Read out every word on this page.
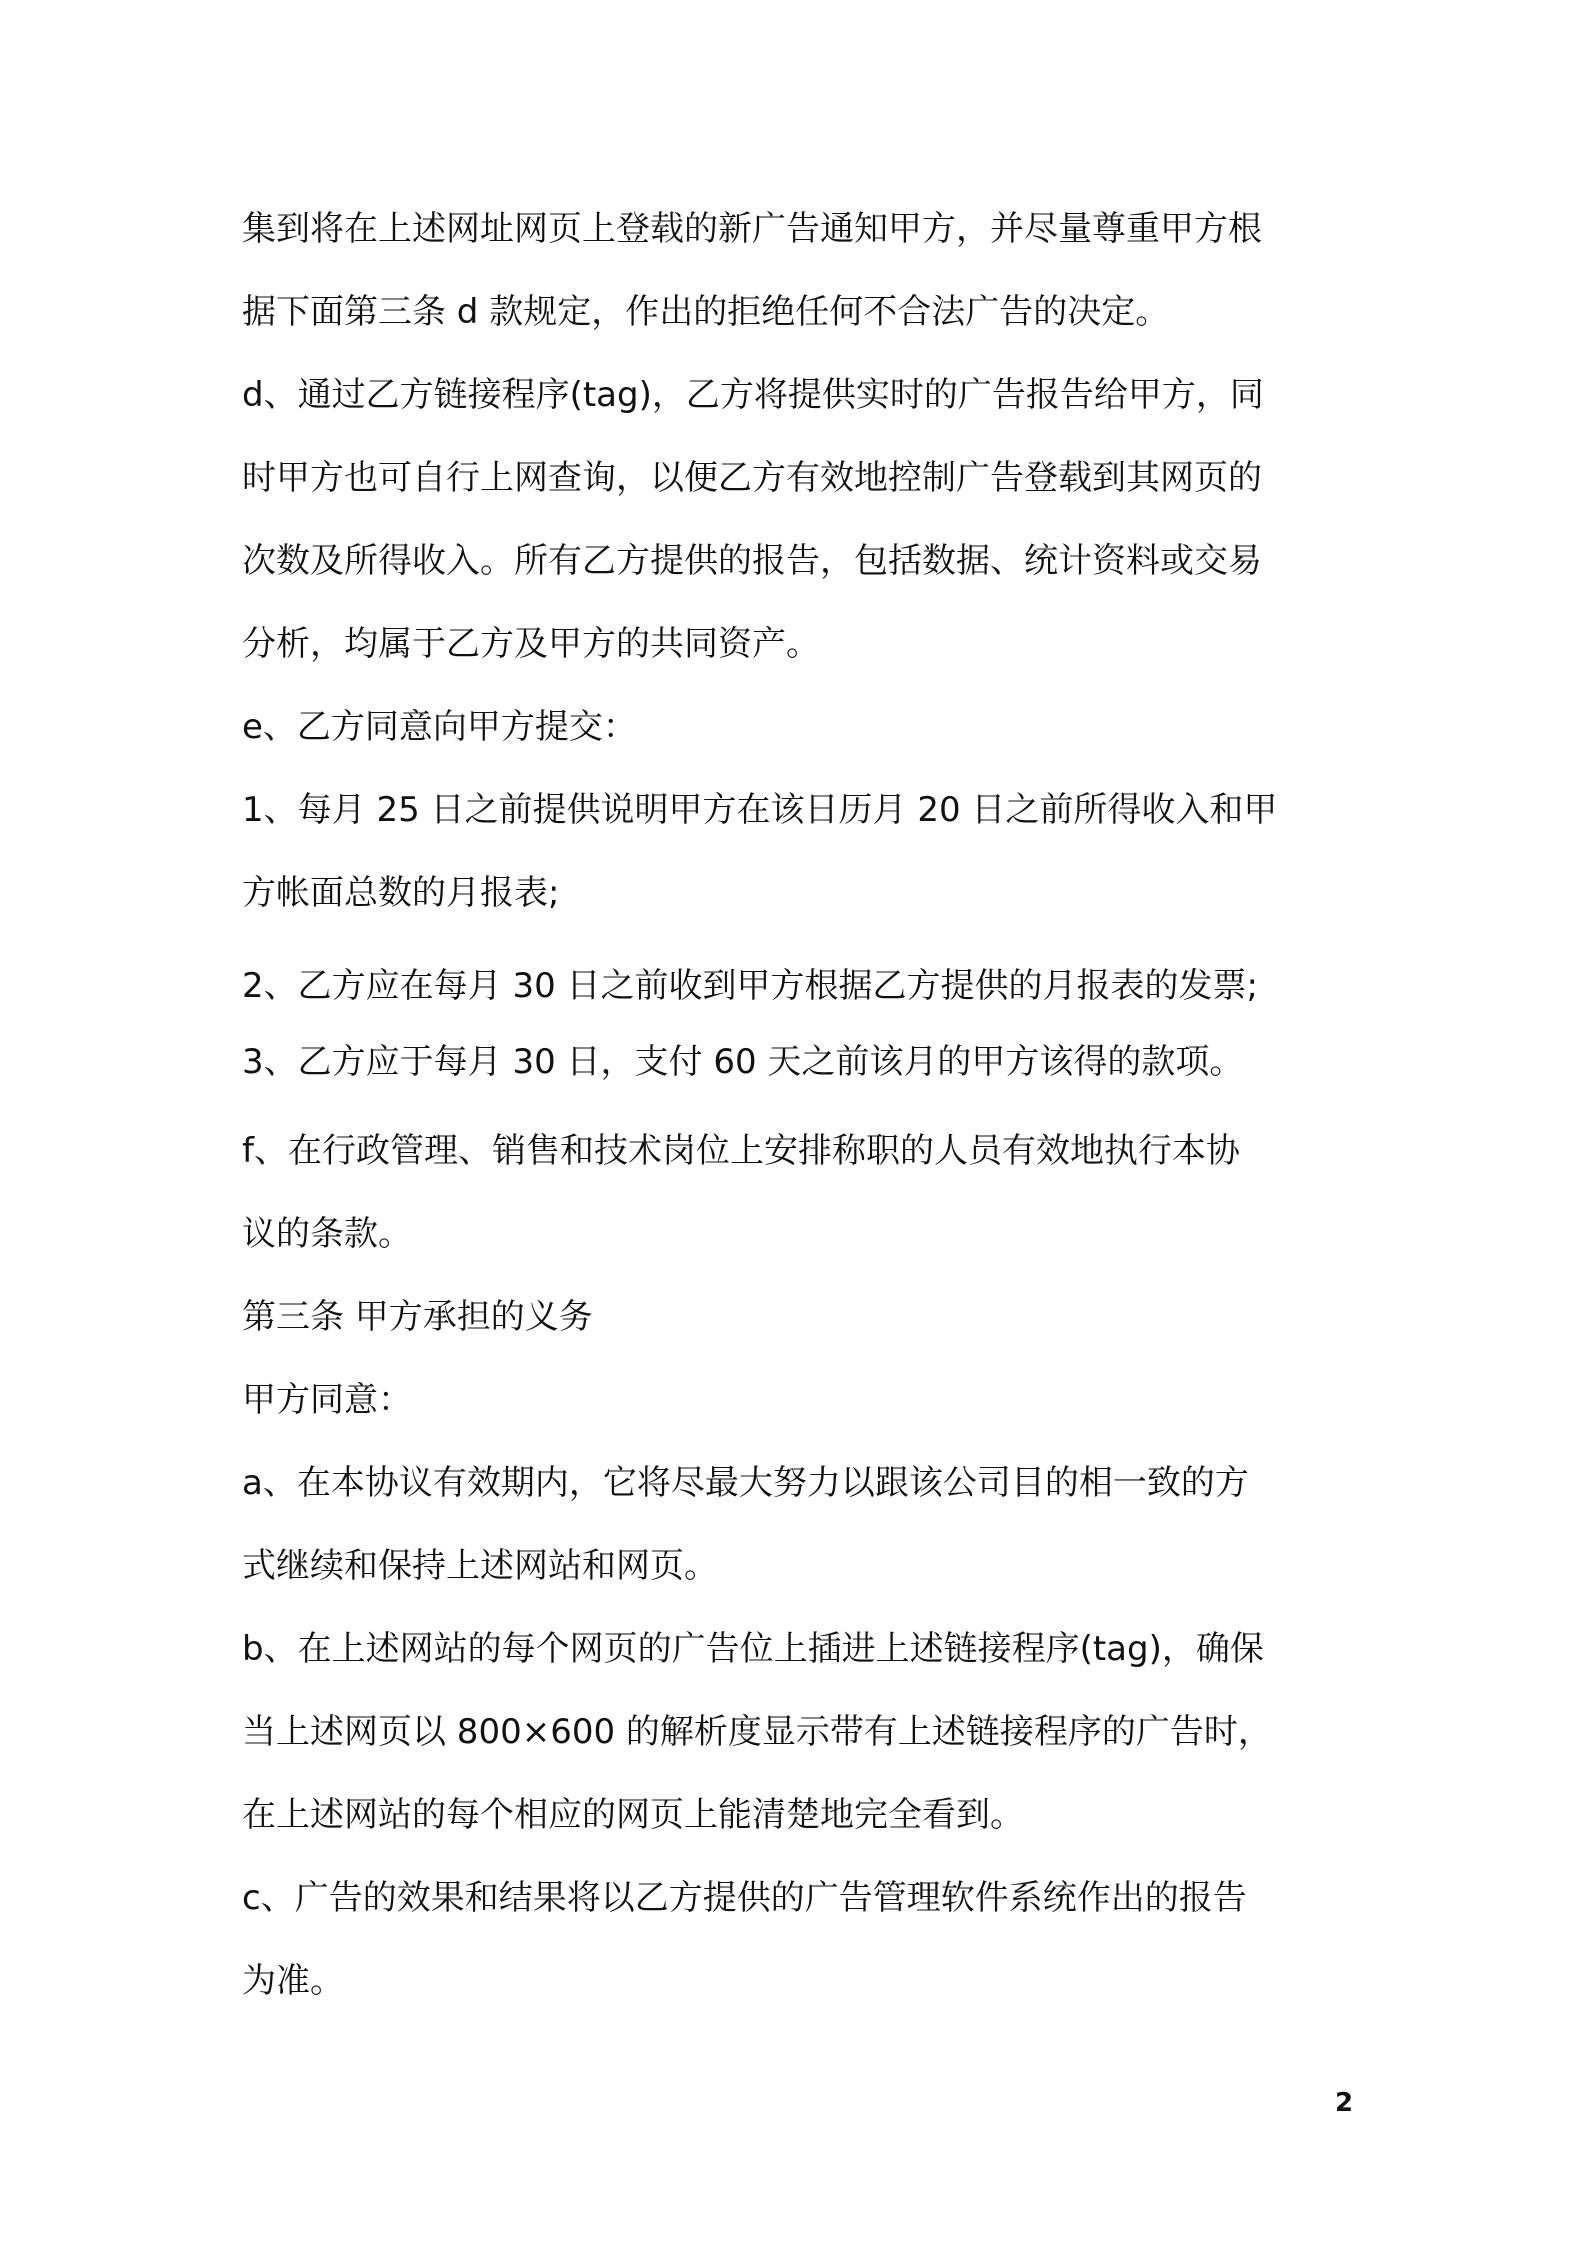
集到将在上述网址网页上登载的新广告通知甲方，并尽量尊重甲方根
据下面第三条 d 款规定，作出的拒绝任何不合法广告的决定。
d、通过乙方链接程序(tag)，乙方将提供实时的广告报告给甲方，同
时甲方也可自行上网查询，以便乙方有效地控制广告登载到其网页的
次数及所得收入。所有乙方提供的报告，包括数据、统计资料或交易
分析，均属于乙方及甲方的共同资产。
e、乙方同意向甲方提交：
1、每月 25 日之前提供说明甲方在该日历月 20 日之前所得收入和甲
方帐面总数的月报表;
2、乙方应在每月 30 日之前收到甲方根据乙方提供的月报表的发票;
3、乙方应于每月 30 日，支付 60 天之前该月的甲方该得的款项。
f、在行政管理、销售和技术岗位上安排称职的人员有效地执行本协
议的条款。
第三条 甲方承担的义务
甲方同意：
a、在本协议有效期内，它将尽最大努力以跟该公司目的相一致的方
式继续和保持上述网站和网页。
b、在上述网站的每个网页的广告位上插进上述链接程序(tag)，确保
当上述网页以 800×600 的解析度显示带有上述链接程序的广告时，
在上述网站的每个相应的网页上能清楚地完全看到。
c、广告的效果和结果将以乙方提供的广告管理软件系统作出的报告
为准。
2
